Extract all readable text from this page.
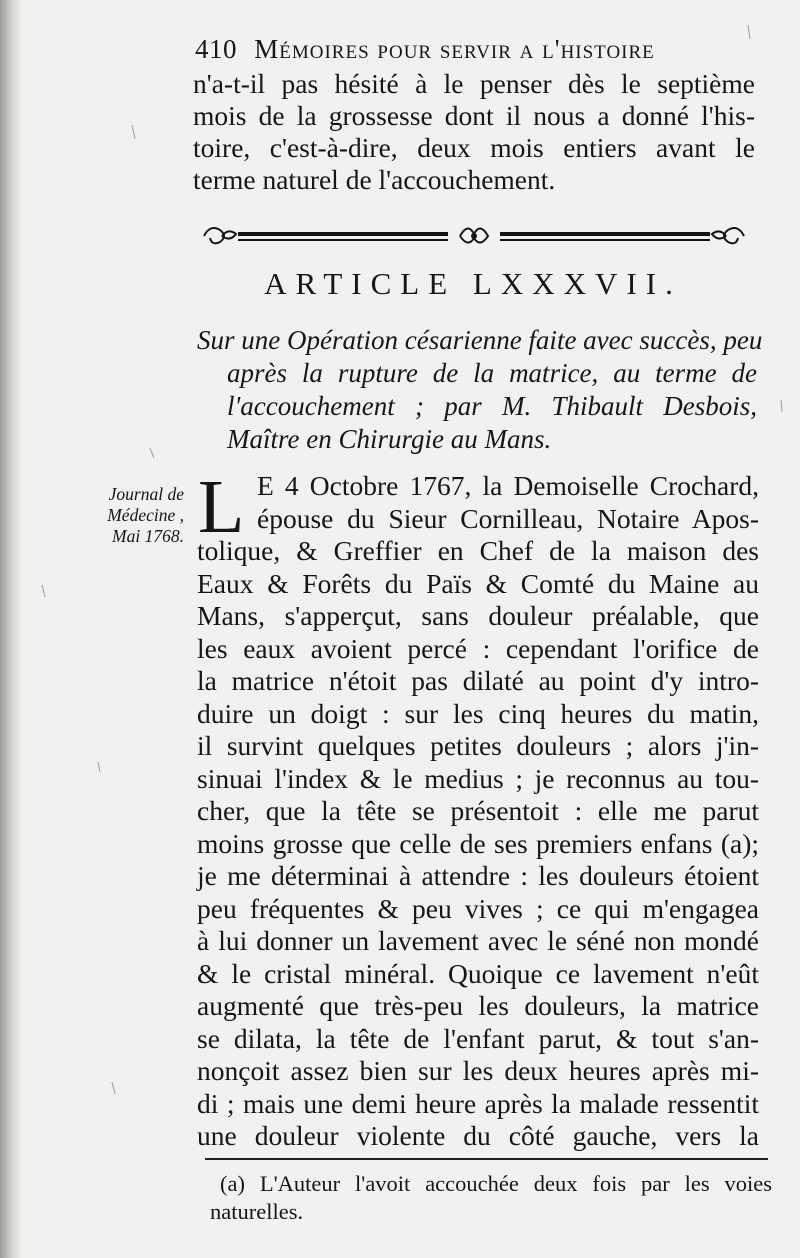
410 Mémoires pour servir a l'histoire
n'a-t-il pas hésité à le penser dès le septième
mois de la grossesse dont il nous a donné l'his-
toire, c'est-à-dire, deux mois entiers avant le
terme naturel de l'accouchement.
ARTICLE LXXXVII.
Sur une Opération césarienne faite avec succès, peu
après la rupture de la matrice, au terme de
l'accouchement ; par M. Thibault Desbois,
Maître en Chirurgie au Mans.
Journal de
Médecine ,
Mai 1768. L E 4 Octobre 1767, la Demoiselle Crochard,
épouse du Sieur Cornilleau, Notaire Apos-
tolique, & Greffier en Chef de la maison des
Eaux & Forêts du Païs & Comté du Maine au
Mans, s'apperçut, sans douleur préalable, que
les eaux avoient percé : cependant l'orifice de
la matrice n'étoit pas dilaté au point d'y intro-
duire un doigt : sur les cinq heures du matin,
il survint quelques petites douleurs ; alors j'in-
sinuai l'index & le medius ; je reconnus au tou-
cher, que la tête se présentoit : elle me parut
moins grosse que celle de ses premiers enfans (a);
je me déterminai à attendre : les douleurs étoient
peu fréquentes & peu vives ; ce qui m'engagea
à lui donner un lavement avec le séné non mondé
& le cristal minéral. Quoique ce lavement n'eût
augmenté que très-peu les douleurs, la matrice
se dilata, la tête de l'enfant parut, & tout s'an-
nonçoit assez bien sur les deux heures après mi-
di ; mais une demi heure après la malade ressentit
une douleur violente du côté gauche, vers la
(a) L'Auteur l'avoit accouchée deux fois par les voies
naturelles.
